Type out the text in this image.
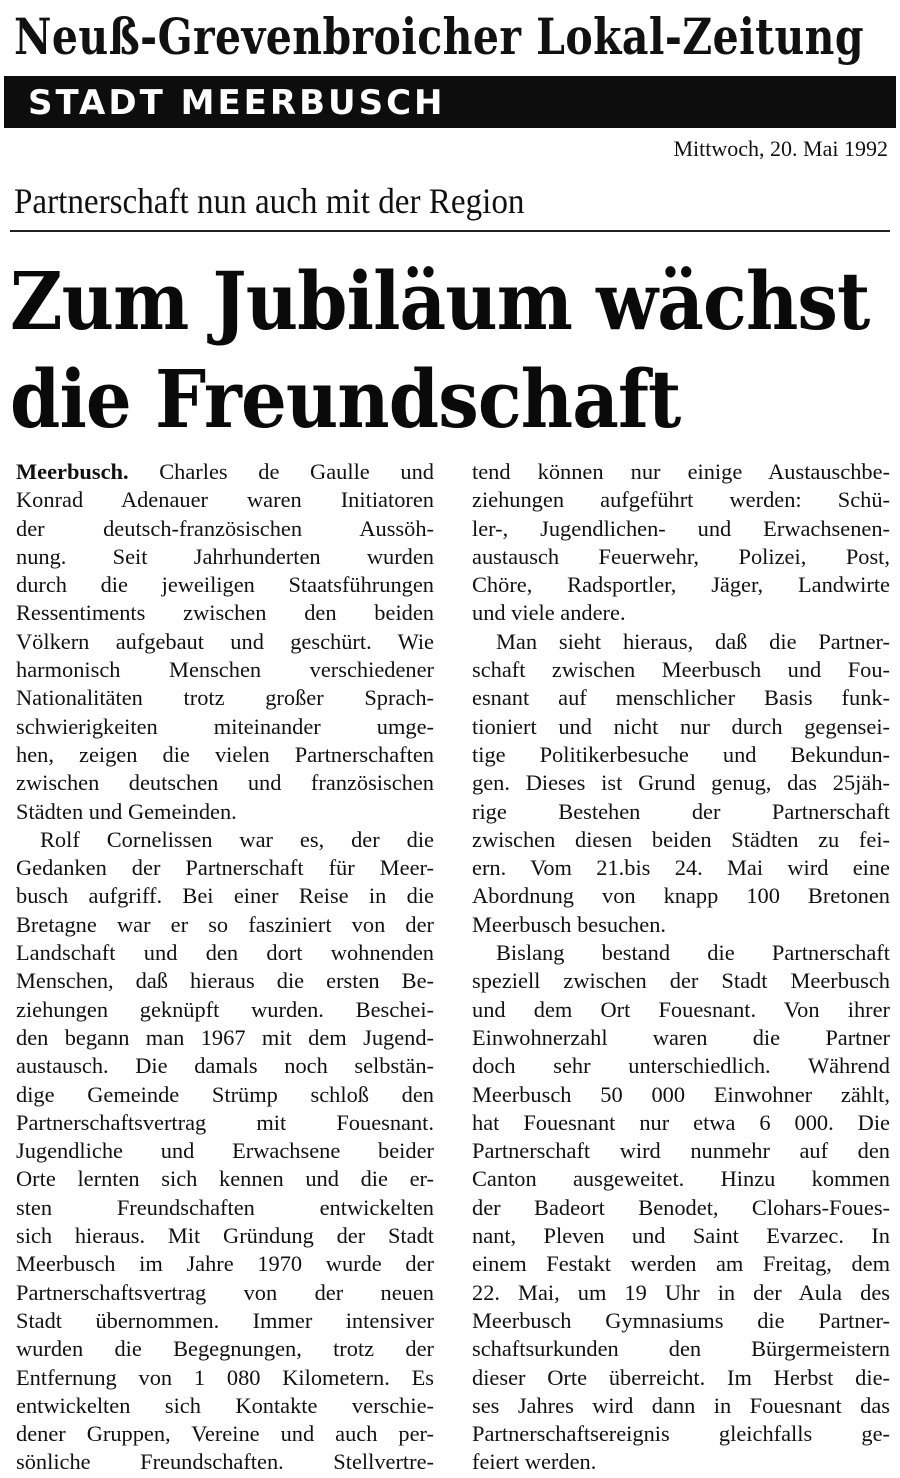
Neuß-Grevenbroicher Lokal-Zeitung
STADT MEERBUSCH
Mittwoch, 20. Mai 1992
Partnerschaft nun auch mit der Region
Zum Jubiläum wächst
die Freundschaft
Meerbusch. Charles de Gaulle und
Konrad Adenauer waren Initiatoren
der deutsch-französischen Aussöh-
nung. Seit Jahrhunderten wurden
durch die jeweiligen Staatsführungen
Ressentiments zwischen den beiden
Völkern aufgebaut und geschürt. Wie
harmonisch Menschen verschiedener
Nationalitäten trotz großer Sprach-
schwierigkeiten miteinander umge-
hen, zeigen die vielen Partnerschaften
zwischen deutschen und französischen
Städten und Gemeinden.
Rolf Cornelissen war es, der die
Gedanken der Partnerschaft für Meer-
busch aufgriff. Bei einer Reise in die
Bretagne war er so fasziniert von der
Landschaft und den dort wohnenden
Menschen, daß hieraus die ersten Be-
ziehungen geknüpft wurden. Beschei-
den begann man 1967 mit dem Jugend-
austausch. Die damals noch selbstän-
dige Gemeinde Strümp schloß den
Partnerschaftsvertrag mit Fouesnant.
Jugendliche und Erwachsene beider
Orte lernten sich kennen und die er-
sten Freundschaften entwickelten
sich hieraus. Mit Gründung der Stadt
Meerbusch im Jahre 1970 wurde der
Partnerschaftsvertrag von der neuen
Stadt übernommen. Immer intensiver
wurden die Begegnungen, trotz der
Entfernung von 1 080 Kilometern. Es
entwickelten sich Kontakte verschie-
dener Gruppen, Vereine und auch per-
sönliche Freundschaften. Stellvertre-
tend können nur einige Austauschbe-
ziehungen aufgeführt werden: Schü-
ler-, Jugendlichen- und Erwachsenen-
austausch Feuerwehr, Polizei, Post,
Chöre, Radsportler, Jäger, Landwirte
und viele andere.
Man sieht hieraus, daß die Partner-
schaft zwischen Meerbusch und Fou-
esnant auf menschlicher Basis funk-
tioniert und nicht nur durch gegensei-
tige Politikerbesuche und Bekundun-
gen. Dieses ist Grund genug, das 25jäh-
rige Bestehen der Partnerschaft
zwischen diesen beiden Städten zu fei-
ern. Vom 21.bis 24. Mai wird eine
Abordnung von knapp 100 Bretonen
Meerbusch besuchen.
Bislang bestand die Partnerschaft
speziell zwischen der Stadt Meerbusch
und dem Ort Fouesnant. Von ihrer
Einwohnerzahl waren die Partner
doch sehr unterschiedlich. Während
Meerbusch 50 000 Einwohner zählt,
hat Fouesnant nur etwa 6 000. Die
Partnerschaft wird nunmehr auf den
Canton ausgeweitet. Hinzu kommen
der Badeort Benodet, Clohars-Foues-
nant, Pleven und Saint Evarzec. In
einem Festakt werden am Freitag, dem
22. Mai, um 19 Uhr in der Aula des
Meerbusch Gymnasiums die Partner-
schaftsurkunden den Bürgermeistern
dieser Orte überreicht. Im Herbst die-
ses Jahres wird dann in Fouesnant das
Partnerschaftsereignis gleichfalls ge-
feiert werden.
